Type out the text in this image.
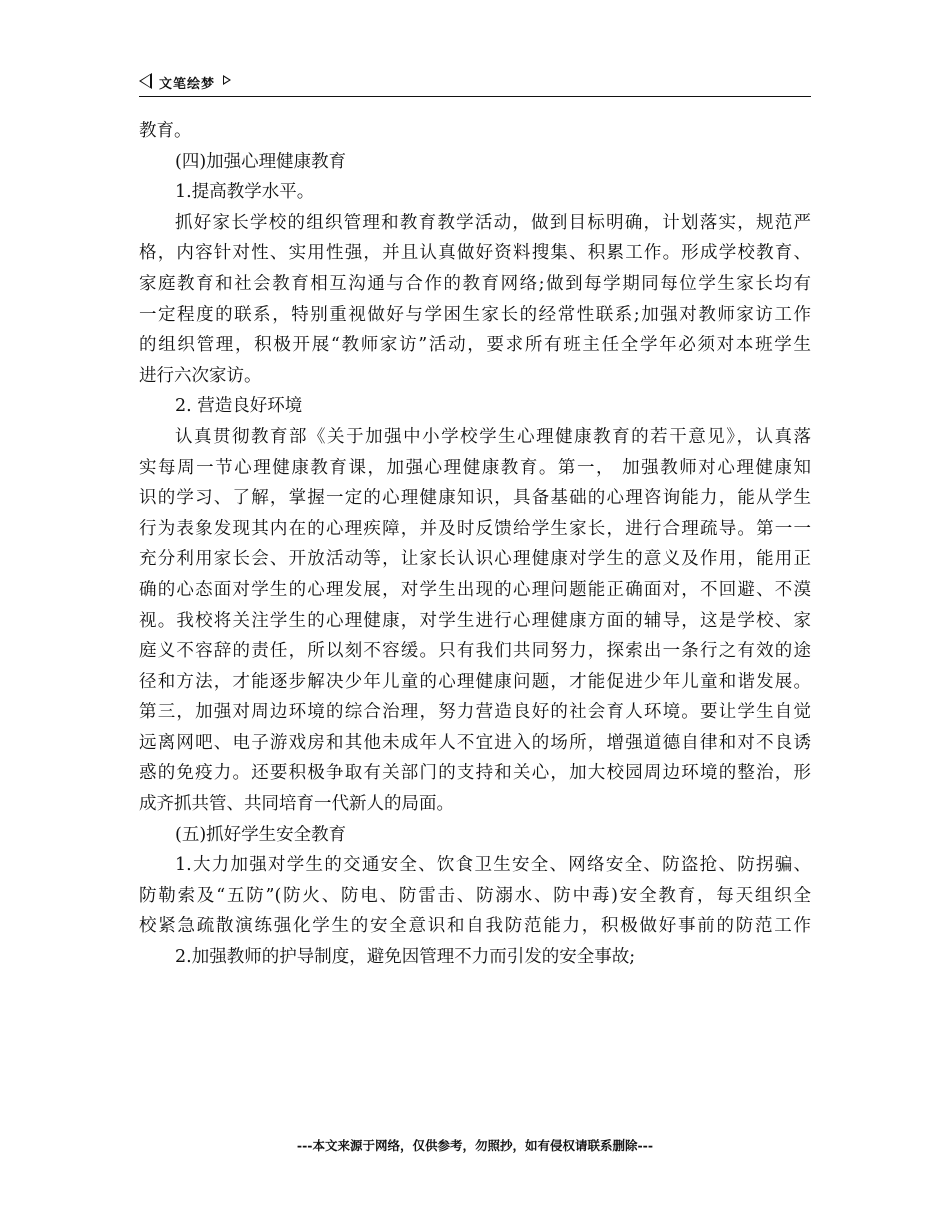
文笔绘梦
教育。
(四)加强心理健康教育
1.提高教学水平。
抓好家长学校的组织管理和教育教学活动，做到目标明确，计划落实，规范严
格，内容针对性、实用性强，并且认真做好资料搜集、积累工作。形成学校教育、
家庭教育和社会教育相互沟通与合作的教育网络;做到每学期同每位学生家长均有
一定程度的联系，特别重视做好与学困生家长的经常性联系;加强对教师家访工作
的组织管理，积极开展“教师家访”活动，要求所有班主任全学年必须对本班学生
进行六次家访。
2. 营造良好环境
认真贯彻教育部《关于加强中小学校学生心理健康教育的若干意见》，认真落
实每周一节心理健康教育课，加强心理健康教育。第一， 加强教师对心理健康知
识的学习、了解，掌握一定的心理健康知识，具备基础的心理咨询能力，能从学生
行为表象发现其内在的心理疾障，并及时反馈给学生家长，进行合理疏导。第一一
充分利用家长会、开放活动等，让家长认识心理健康对学生的意义及作用，能用正
确的心态面对学生的心理发展，对学生出现的心理问题能正确面对，不回避、不漠
视。我校将关注学生的心理健康，对学生进行心理健康方面的辅导，这是学校、家
庭义不容辞的责任，所以刻不容缓。只有我们共同努力，探索出一条行之有效的途
径和方法，才能逐步解决少年儿童的心理健康问题，才能促进少年儿童和谐发展。
第三，加强对周边环境的综合治理，努力营造良好的社会育人环境。要让学生自觉
远离网吧、电子游戏房和其他未成年人不宜进入的场所，增强道德自律和对不良诱
惑的免疫力。还要积极争取有关部门的支持和关心，加大校园周边环境的整治，形
成齐抓共管、共同培育一代新人的局面。
(五)抓好学生安全教育
1.大力加强对学生的交通安全、饮食卫生安全、网络安全、防盗抢、防拐骗、
防勒索及“五防”(防火、防电、防雷击、防溺水、防中毒)安全教育，每天组织全
校紧急疏散演练强化学生的安全意识和自我防范能力，积极做好事前的防范工作
2.加强教师的护导制度，避免因管理不力而引发的安全事故;
---本文来源于网络，仅供参考，勿照抄，如有侵权请联系删除---
